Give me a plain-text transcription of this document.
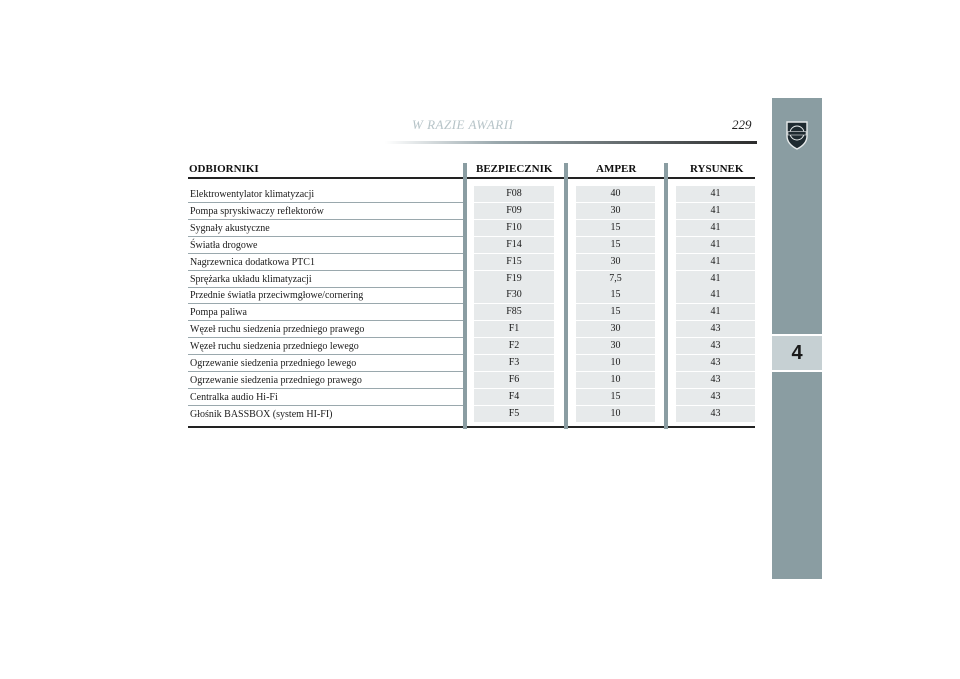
W RAZIE AWARII	229
4
ODBIORNIKI	BEZPIECZNIK	AMPER	RYSUNEK
Elektrowentylator klimatyzacji	F08	40	41
Pompa spryskiwaczy reflektorów	F09	30	41
Sygnały akustyczne	F10	15	41
Światła drogowe	F14	15	41
Nagrzewnica dodatkowa PTC1	F15	30	41
Sprężarka układu klimatyzacji	F19	7,5	41
Przednie światła przeciwmgłowe/cornering	F30	15	41
Pompa paliwa	F85	15	41
Węzeł ruchu siedzenia przedniego prawego	F1	30	43
Węzeł ruchu siedzenia przedniego lewego	F2	30	43
Ogrzewanie siedzenia przedniego lewego	F3	10	43
Ogrzewanie siedzenia przedniego prawego	F6	10	43
Centralka audio Hi-Fi	F4	15	43
Głośnik BASSBOX (system HI-FI)	F5	10	43
